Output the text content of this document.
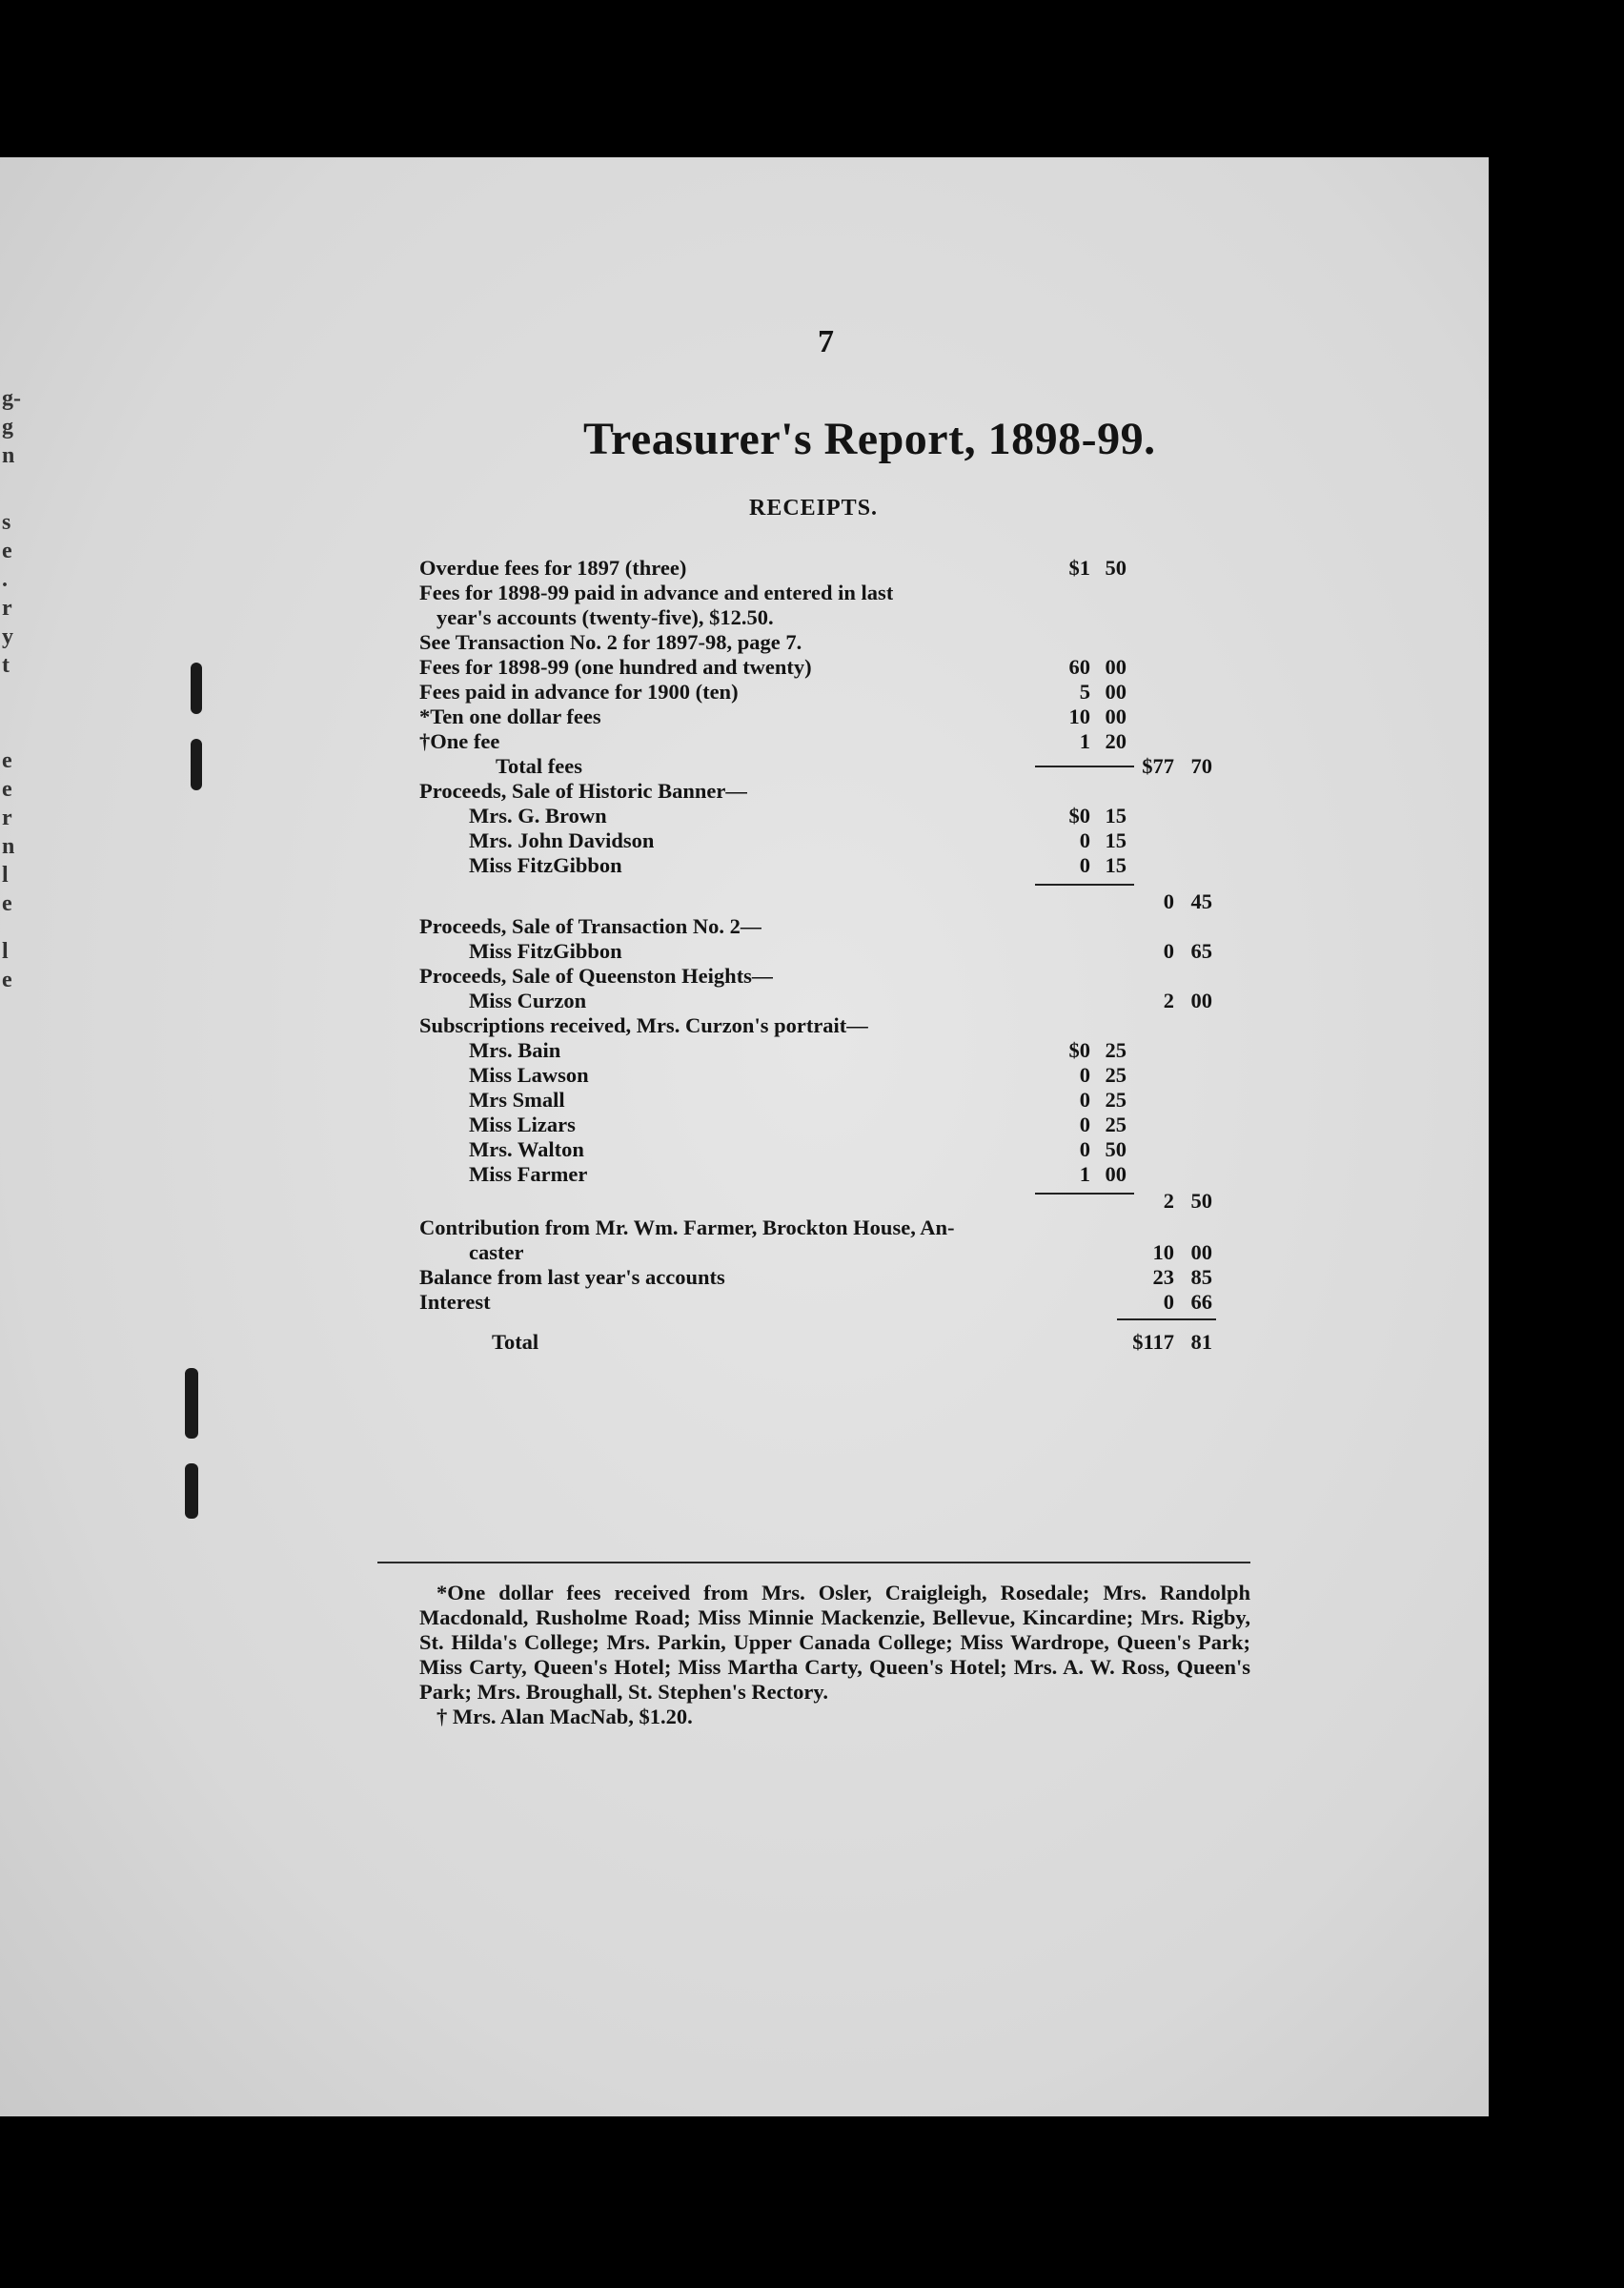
g-
g
n
s
e
.
r
y
t
e
e
r
n
l
e
l
e
7
Treasurer's Report, 1898-99.
RECEIPTS.
Overdue fees for 1897 (three)	$1 50
Fees for 1898-99 paid in advance and entered in last
year's accounts (twenty-five), $12.50.
See Transaction No. 2 for 1897-98, page 7.
Fees for 1898-99 (one hundred and twenty)	60 00
Fees paid in advance for 1900 (ten)	5 00
*Ten one dollar fees	10 00
†One fee	1 20
Total fees	$77 70
Proceeds, Sale of Historic Banner—
Mrs. G. Brown	$0 15
Mrs. John Davidson	0 15
Miss FitzGibbon	0 15
0 45
Proceeds, Sale of Transaction No. 2—
Miss FitzGibbon	0 65
Proceeds, Sale of Queenston Heights—
Miss Curzon	2 00
Subscriptions received, Mrs. Curzon's portrait—
Mrs. Bain	$0 25
Miss Lawson	0 25
Mrs Small	0 25
Miss Lizars	0 25
Mrs. Walton	0 50
Miss Farmer	1 00
2 50
Contribution from Mr. Wm. Farmer, Brockton House, An-
caster	10 00
Balance from last year's accounts	23 85
Interest	0 66
Total	$117 81

*One dollar fees received from Mrs. Osler, Craigleigh, Rosedale; Mrs. Randolph Macdonald, Rusholme Road; Miss Minnie Mackenzie, Bellevue, Kincardine; Mrs. Rigby, St. Hilda's College; Mrs. Parkin, Upper Canada College; Miss Wardrope, Queen's Park; Miss Carty, Queen's Hotel; Miss Martha Carty, Queen's Hotel; Mrs. A. W. Ross, Queen's Park; Mrs. Broughall, St. Stephen's Rectory.

† Mrs. Alan MacNab, $1.20.
